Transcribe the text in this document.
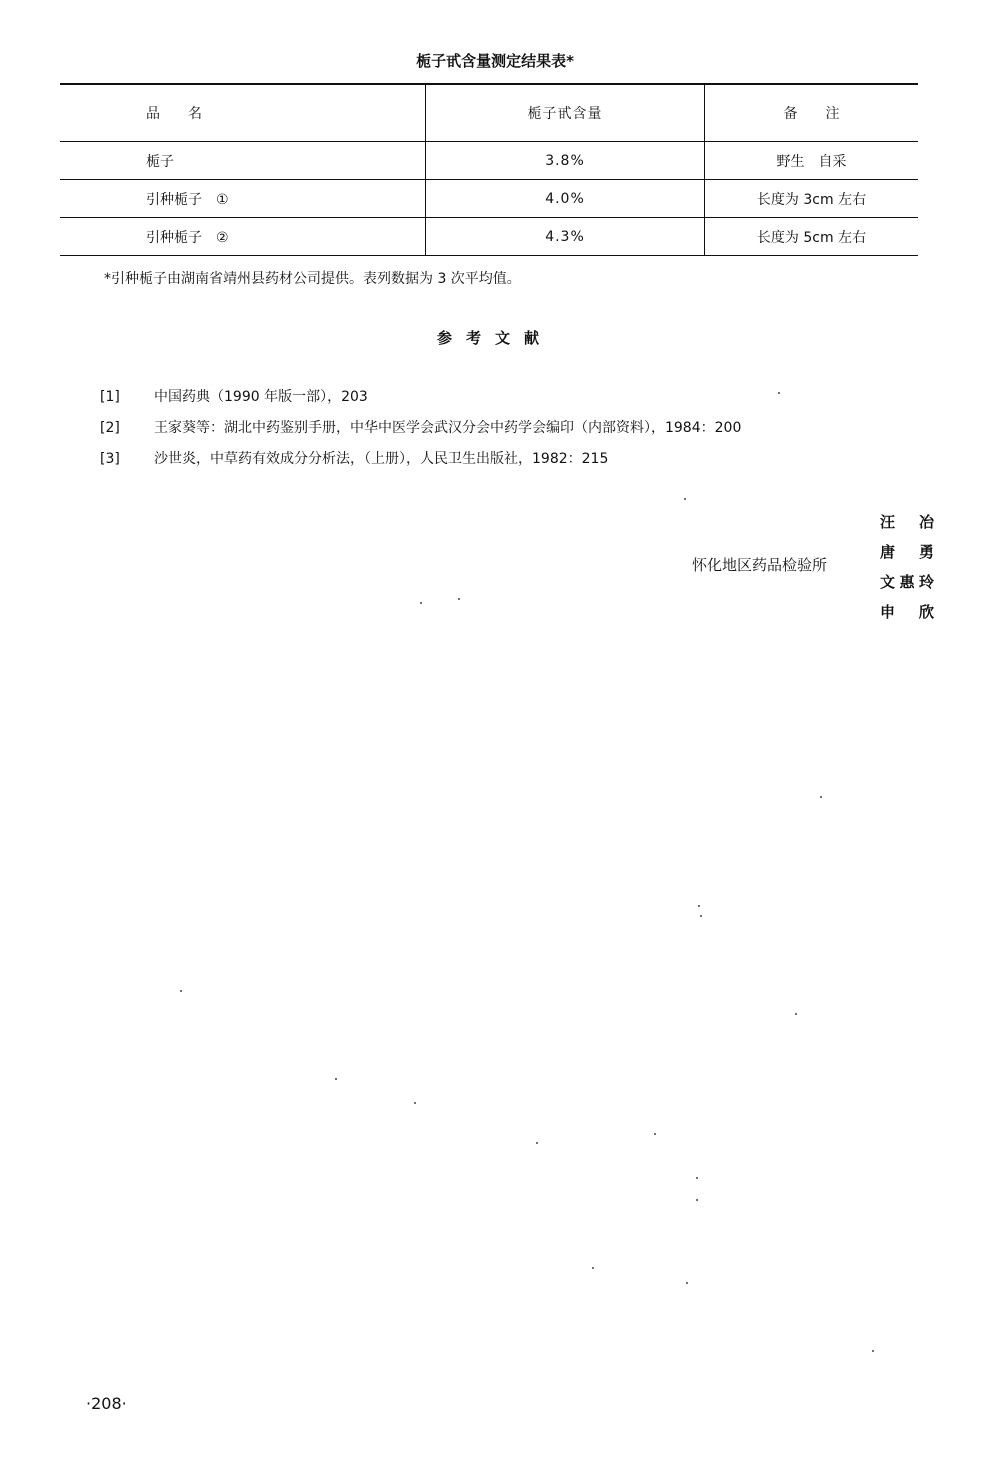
栀子甙含量测定结果表*
品　　名	栀子甙含量	备　　注
栀子	3.8%	野生　自采
引种栀子　①	4.0%	长度为 3cm 左右
引种栀子　②	4.3%	长度为 5cm 左右
*引种栀子由湖南省靖州县药材公司提供。表列数据为 3 次平均值。
参考文献
[1] 中国药典（1990 年版一部），203
[2] 王家葵等：湖北中药鉴别手册，中华中医学会武汉分会中药学会编印（内部资料），1984：200
[3] 沙世炎，中草药有效成分分析法，（上册），人民卫生出版社，1982：215
怀化地区药品检验所
汪冶
唐勇
文惠玲
申欣
·208·
